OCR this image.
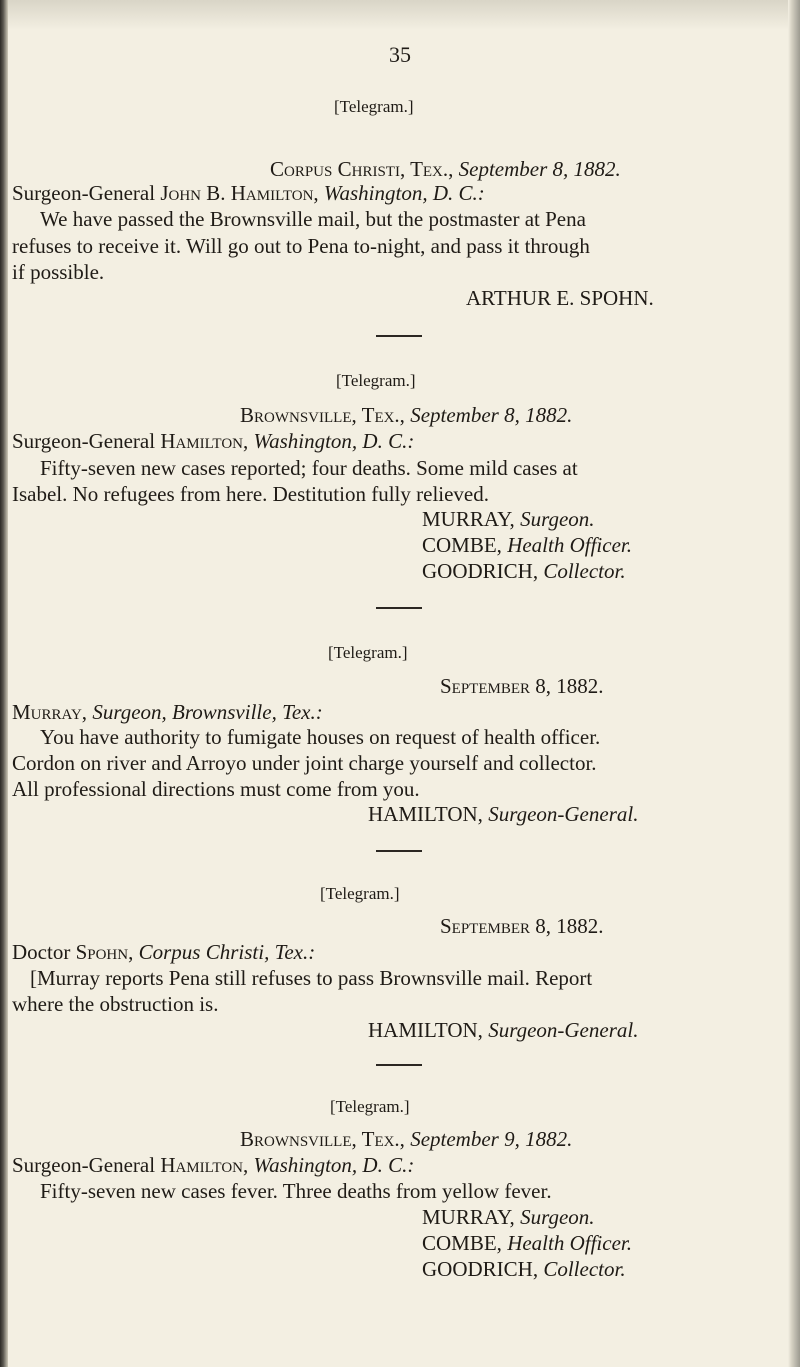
35
[Telegram.]
Corpus Christi, Tex., September 8, 1882.
Surgeon-General John B. Hamilton, Washington, D. C.:
We have passed the Brownsville mail, but the postmaster at Pena
refuses to receive it. Will go out to Pena to-night, and pass it through
if possible.
ARTHUR E. SPOHN.
[Telegram.]
Brownsville, Tex., September 8, 1882.
Surgeon-General Hamilton, Washington, D. C.:
Fifty-seven new cases reported; four deaths. Some mild cases at
Isabel. No refugees from here. Destitution fully relieved.
MURRAY, Surgeon.
COMBE, Health Officer.
GOODRICH, Collector.
[Telegram.]
September 8, 1882.
Murray, Surgeon, Brownsville, Tex.:
You have authority to fumigate houses on request of health officer.
Cordon on river and Arroyo under joint charge yourself and collector.
All professional directions must come from you.
HAMILTON, Surgeon-General.
[Telegram.]
September 8, 1882.
Doctor Spohn, Corpus Christi, Tex.:
[Murray reports Pena still refuses to pass Brownsville mail. Report
where the obstruction is.
HAMILTON, Surgeon-General.
[Telegram.]
Brownsville, Tex., September 9, 1882.
Surgeon-General Hamilton, Washington, D. C.:
Fifty-seven new cases fever. Three deaths from yellow fever.
MURRAY, Surgeon.
COMBE, Health Officer.
GOODRICH, Collector.
